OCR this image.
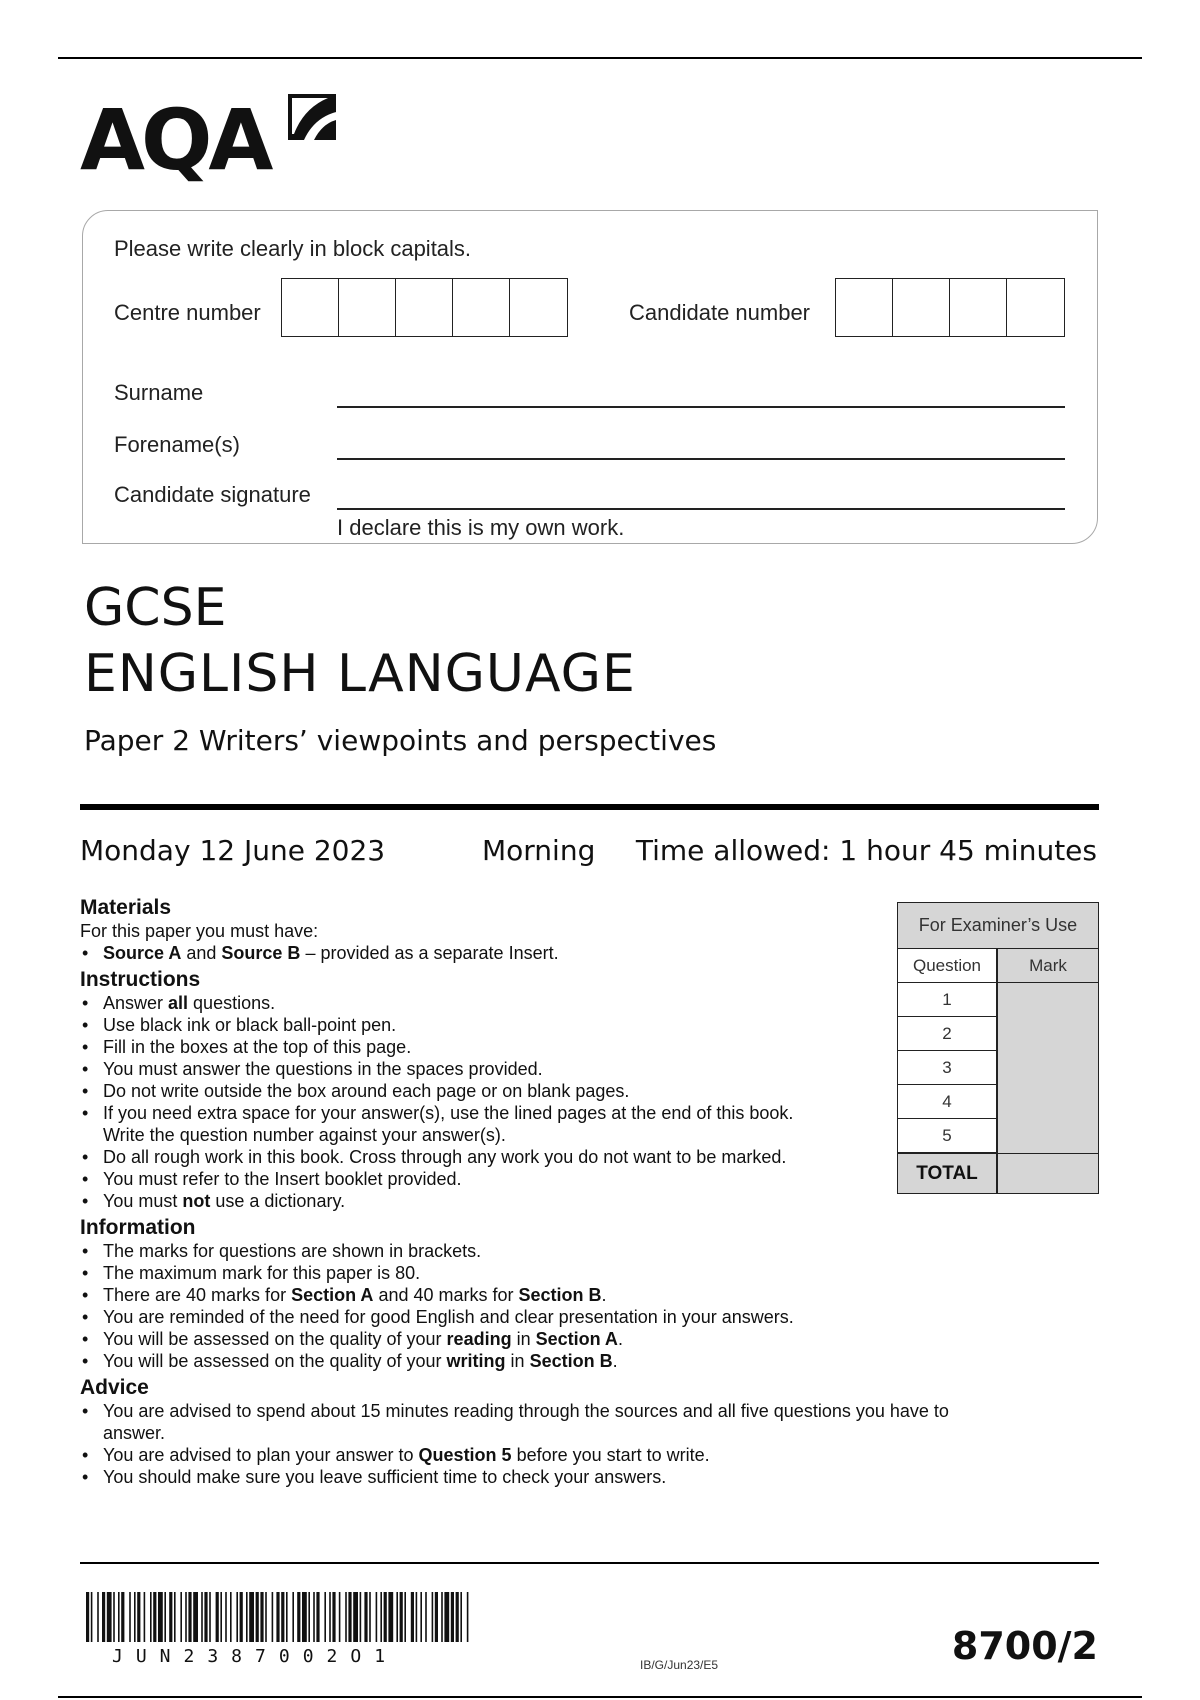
AQA
Please write clearly in block capitals.
Centre number	Candidate number
Surname
Forename(s)
Candidate signature
I declare this is my own work.
GCSE
ENGLISH LANGUAGE
Paper 2 Writers’ viewpoints and perspectives
Monday 12 June 2023	Morning Time allowed: 1 hour 45 minutes
Materials
For this paper you must have:
• Source A and Source B – provided as a separate Insert.
Instructions
• Answer all questions.
• Use black ink or black ball-point pen.
• Fill in the boxes at the top of this page.
• You must answer the questions in the spaces provided.
• Do not write outside the box around each page or on blank pages.
• If you need extra space for your answer(s), use the lined pages at the end of this book. Write the question number against your answer(s).
• Do all rough work in this book. Cross through any work you do not want to be marked.
• You must refer to the Insert booklet provided.
• You must not use a dictionary.
Information
• The marks for questions are shown in brackets.
• The maximum mark for this paper is 80.
• There are 40 marks for Section A and 40 marks for Section B.
• You are reminded of the need for good English and clear presentation in your answers.
• You will be assessed on the quality of your reading in Section A.
• You will be assessed on the quality of your writing in Section B.
Advice
• You are advised to spend about 15 minutes reading through the sources and all five questions you have to answer.
• You are advised to plan your answer to Question 5 before you start to write.
• You should make sure you leave sufficient time to check your answers.
For Examiner’s Use
Question	Mark
1
2
3
4
5
TOTAL
JUN2387002O1	IB/G/Jun23/E5	8700/2
